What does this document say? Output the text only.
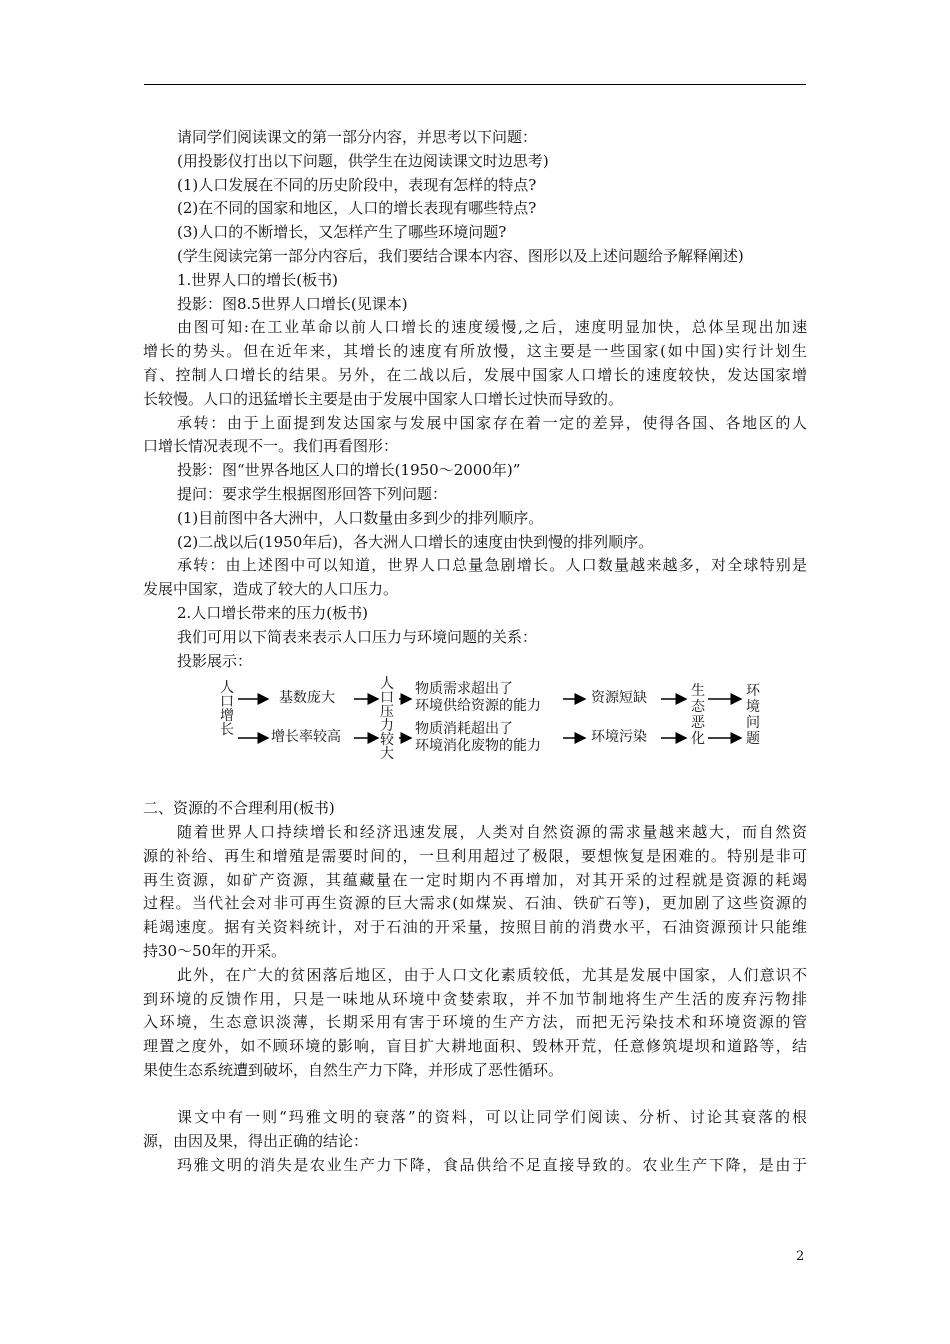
请同学们阅读课文的第一部分内容，并思考以下问题：
(用投影仪打出以下问题，供学生在边阅读课文时边思考)
(1)人口发展在不同的历史阶段中，表现有怎样的特点?
(2)在不同的国家和地区，人口的增长表现有哪些特点?
(3)人口的不断增长，又怎样产生了哪些环境问题?
(学生阅读完第一部分内容后，我们要结合课本内容、图形以及上述问题给予解释阐述)
1.世界人口的增长(板书)
投影：图8.5世界人口增长(见课本)
由图可知:在工业革命以前人口增长的速度缓慢,之后，速度明显加快，总体呈现出加速
增长的势头。但在近年来，其增长的速度有所放慢，这主要是一些国家(如中国)实行计划生
育、控制人口增长的结果。另外，在二战以后，发展中国家人口增长的速度较快，发达国家增
长较慢。人口的迅猛增长主要是由于发展中国家人口增长过快而导致的。
承转：由于上面提到发达国家与发展中国家存在着一定的差异，使得各国、各地区的人
口增长情况表现不一。我们再看图形：
投影：图“世界各地区人口的增长(1950～2000年)”
提问：要求学生根据图形回答下列问题：
(1)目前图中各大洲中，人口数量由多到少的排列顺序。
(2)二战以后(1950年后)，各大洲人口增长的速度由快到慢的排列顺序。
承转：由上述图中可以知道，世界人口总量急剧增长。人口数量越来越多，对全球特别是
发展中国家，造成了较大的人口压力。
2.人口增长带来的压力(板书)
我们可用以下简表来表示人口压力与环境问题的关系：
投影展示：
人口增长
基数庞大
增长率较高
人口压力较大
物质需求超出了
环境供给资源的能力
物质消耗超出了
环境消化废物的能力
资源短缺
环境污染
生态恶化
环境问题
二、资源的不合理利用(板书)
随着世界人口持续增长和经济迅速发展，人类对自然资源的需求量越来越大，而自然资
源的补给、再生和增殖是需要时间的，一旦利用超过了极限，要想恢复是困难的。特别是非可
再生资源，如矿产资源，其蕴藏量在一定时期内不再增加，对其开采的过程就是资源的耗竭
过程。当代社会对非可再生资源的巨大需求(如煤炭、石油、铁矿石等)，更加剧了这些资源的
耗竭速度。据有关资料统计，对于石油的开采量，按照目前的消费水平，石油资源预计只能维
持30～50年的开采。
此外，在广大的贫困落后地区，由于人口文化素质较低，尤其是发展中国家，人们意识不
到环境的反馈作用，只是一味地从环境中贪婪索取，并不加节制地将生产生活的废弃污物排
入环境，生态意识淡薄，长期采用有害于环境的生产方法，而把无污染技术和环境资源的管
理置之度外，如不顾环境的影响，盲目扩大耕地面积、毁林开荒，任意修筑堤坝和道路等，结
果使生态系统遭到破坏，自然生产力下降，并形成了恶性循环。
课文中有一则“玛雅文明的衰落”的资料，可以让同学们阅读、分析、讨论其衰落的根
源，由因及果，得出正确的结论：
玛雅文明的消失是农业生产力下降，食品供给不足直接导致的。农业生产下降，是由于
2
